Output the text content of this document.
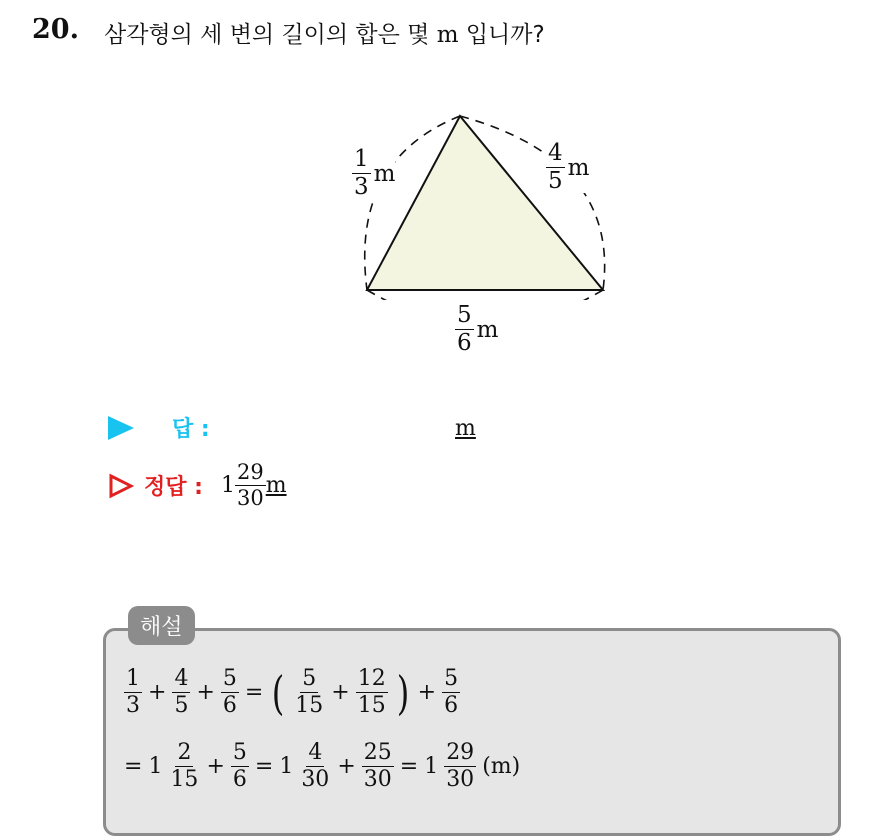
20. 삼각형의 세 변의 길이의 합은 몇 m 입니까?
$\frac{1}{3}$ m	$\frac{4}{5}$ m
$\frac{5}{6}$ m
답 :	m
정답 : $1 \frac{29}{30}$ m
해설
$\frac{1}{3} + \frac{4}{5} + \frac{5}{6}$ = ( $\frac{5}{15} + \frac{12}{15}$ ) + $\frac{5}{6}$
= $1 \frac{2}{15} + \frac{5}{6} = 1 \frac{4}{30} + \frac{25}{30} = 1 \frac{29}{30} (m)$
